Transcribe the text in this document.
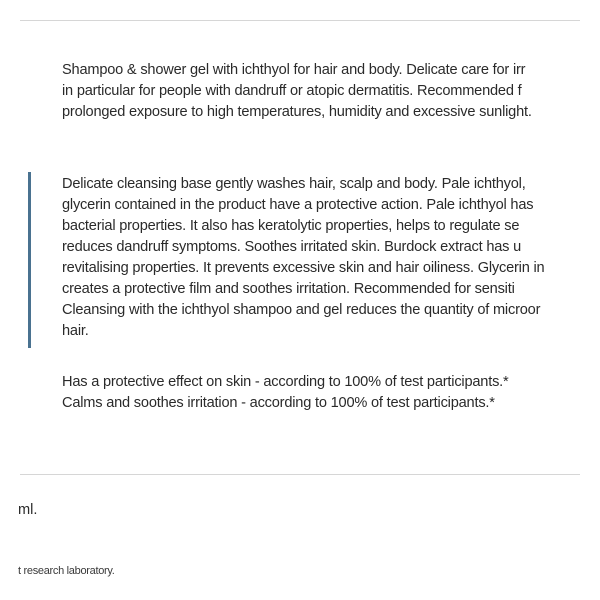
Shampoo & shower gel with ichthyol for hair and body. Delicate care for irr
in particular for people with dandruff or atopic dermatitis. Recommended f
prolonged exposure to high temperatures, humidity and excessive sunlight.
Delicate cleansing base gently washes hair, scalp and body. Pale ichthyol,
glycerin contained in the product have a protective action. Pale ichthyol has
bacterial properties. It also has keratolytic properties, helps to regulate se
reduces dandruff symptoms. Soothes irritated skin. Burdock extract has u
revitalising properties. It prevents excessive skin and hair oiliness. Glycerin in
creates a protective film and soothes irritation. Recommended for sensiti
Cleansing with the ichthyol shampoo and gel reduces the quantity of microor
hair.
Has a protective effect on skin - according to 100% of test participants.*
Calms and soothes irritation - according to 100% of test participants.*
ml.
t research laboratory.
